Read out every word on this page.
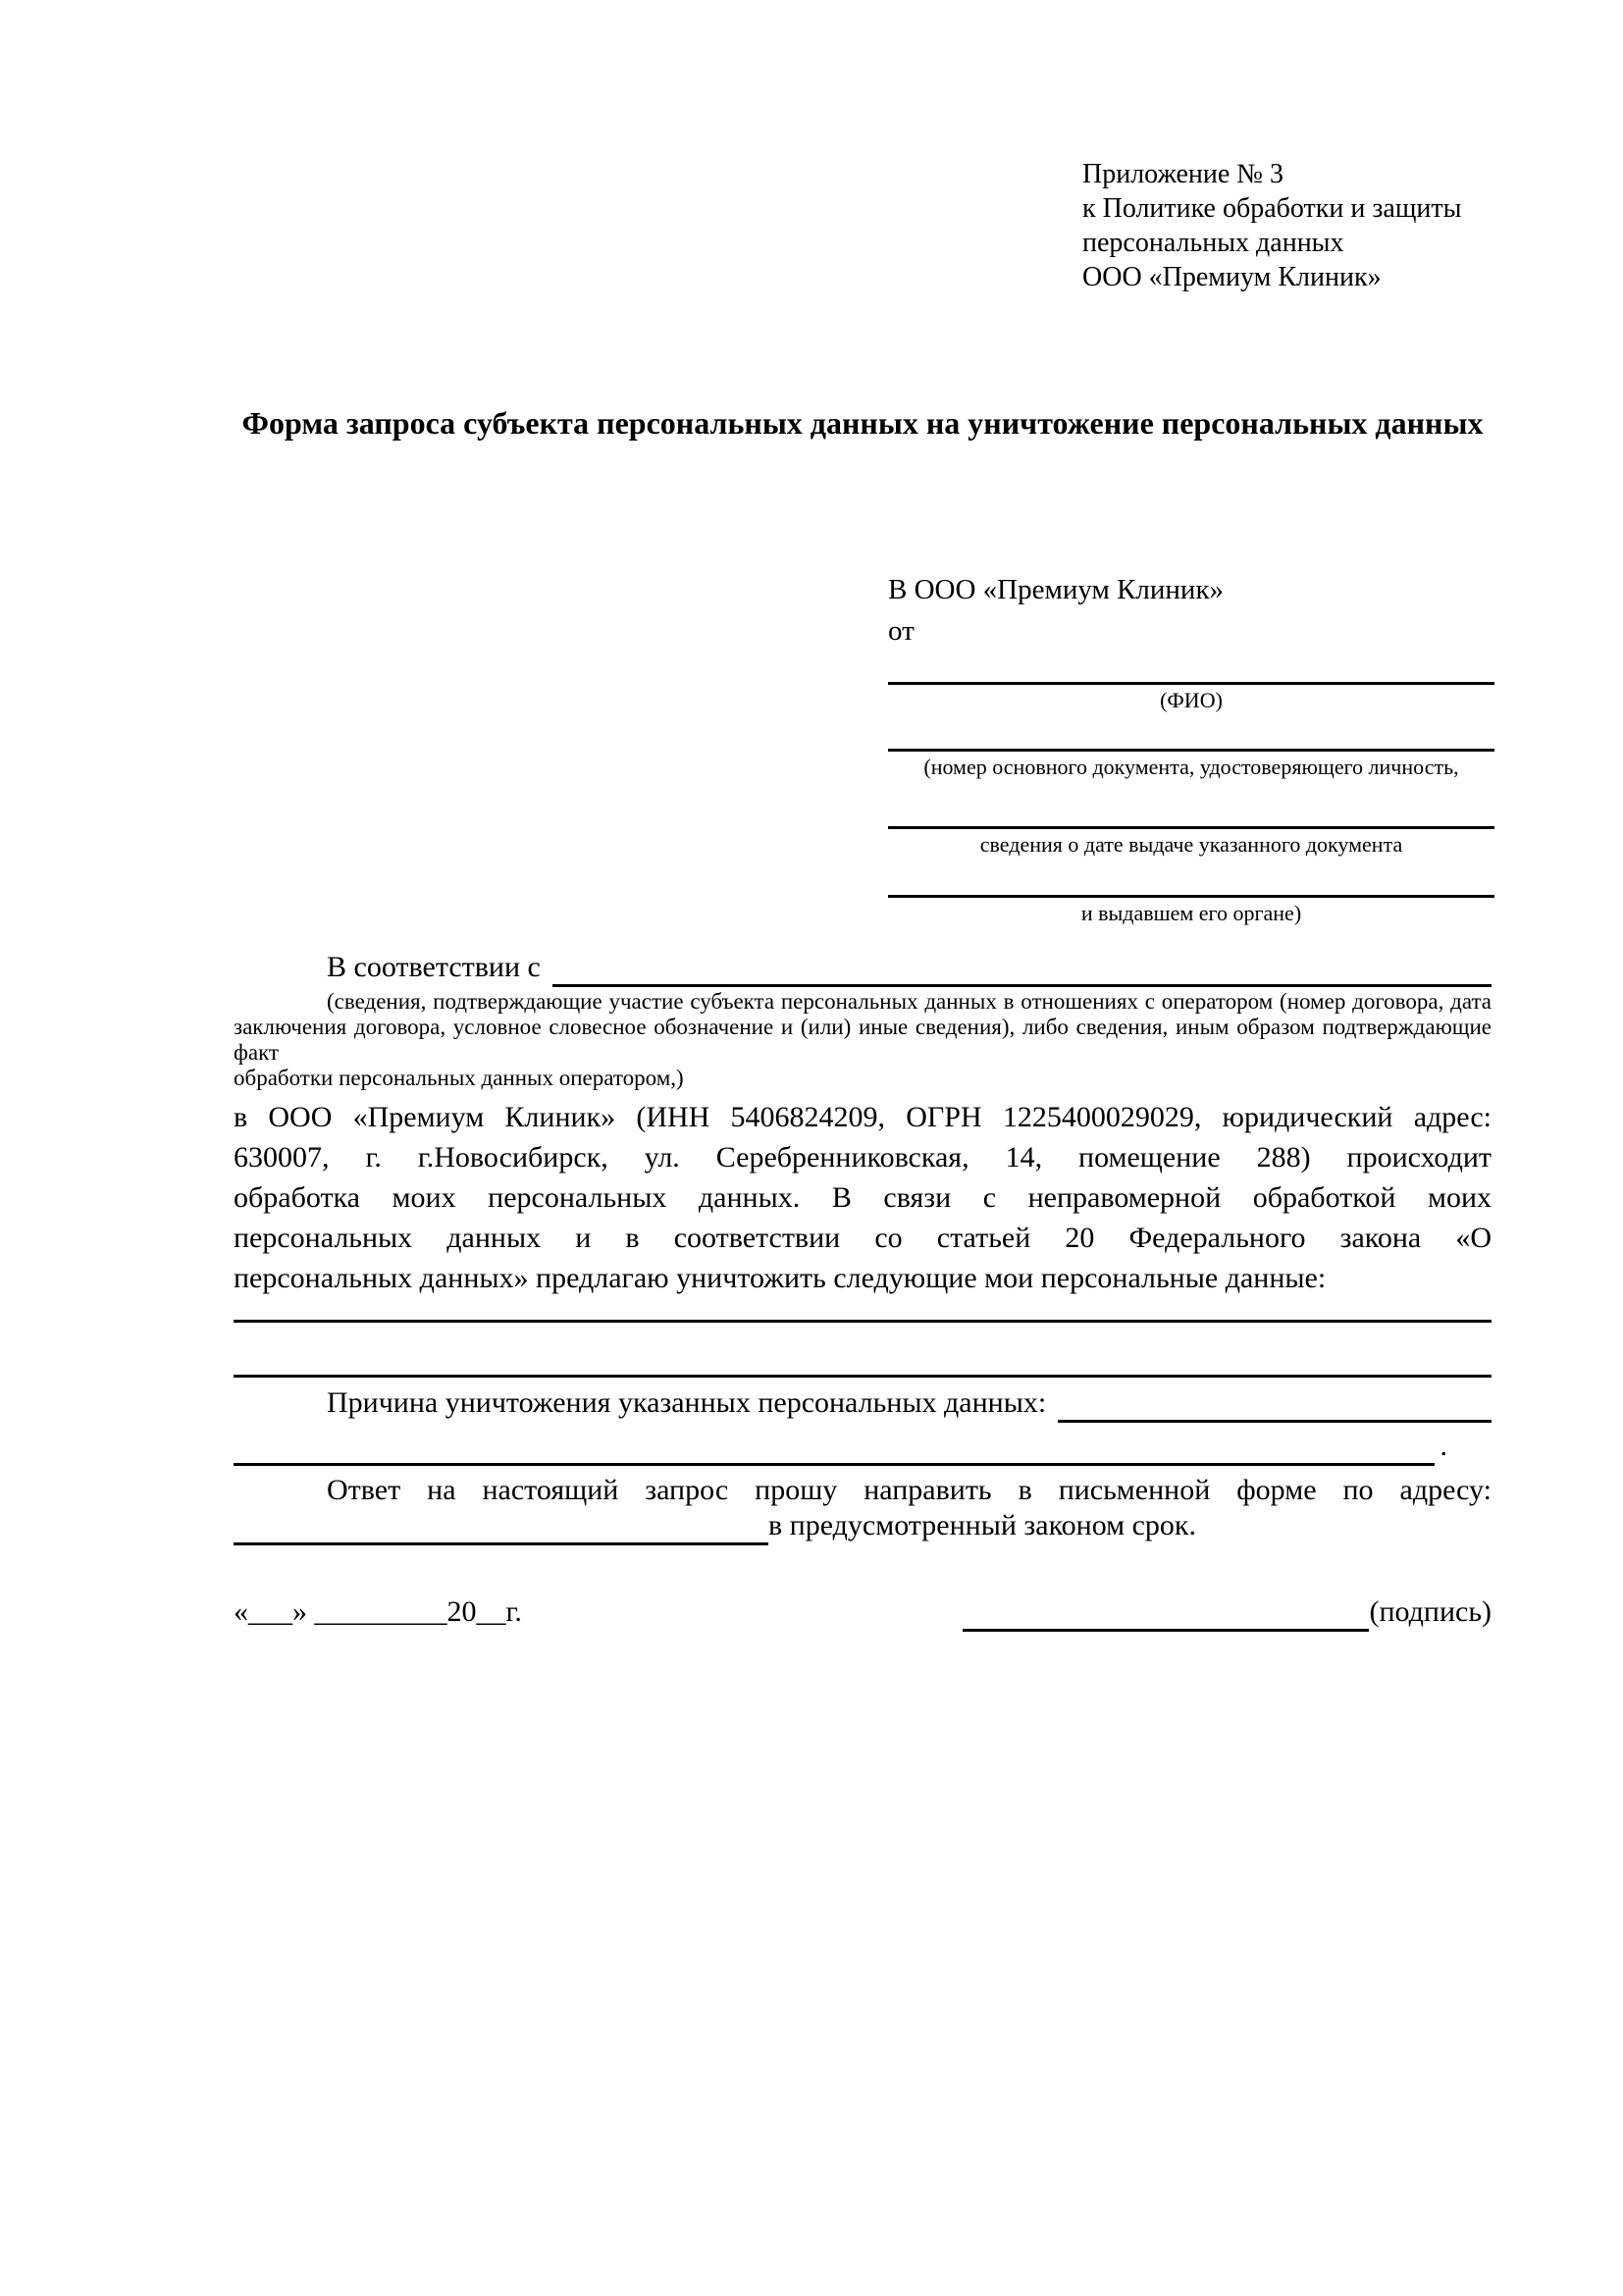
Приложение № 3
к Политике обработки и защиты
персональных данных
ООО «Премиум Клиник»
Форма запроса субъекта персональных данных на уничтожение персональных данных
В ООО «Премиум Клиник»
от
(ФИО)
(номер основного документа, удостоверяющего личность,
сведения о дате выдаче указанного документа
и выдавшем его органе)
В соответствии с
(сведения, подтверждающие участие субъекта персональных данных в отношениях с оператором (номер договора, дата
заключения договора, условное словесное обозначение и (или) иные сведения), либо сведения, иным образом подтверждающие факт
обработки персональных данных оператором,)
в ООО «Премиум Клиник» (ИНН 5406824209, ОГРН 1225400029029, юридический адрес:
630007, г. г.Новосибирск, ул. Серебренниковская, 14, помещение 288) происходит
обработка моих персональных данных. В связи с неправомерной обработкой моих
персональных данных и в соответствии со статьей 20 Федерального закона «О
персональных данных» предлагаю уничтожить следующие мои персональные данные:
Причина уничтожения указанных персональных данных:
.
Ответ на настоящий запрос прошу направить в письменной форме по адресу:
в предусмотренный законом срок.
«___» _________20__г.	(подпись)
